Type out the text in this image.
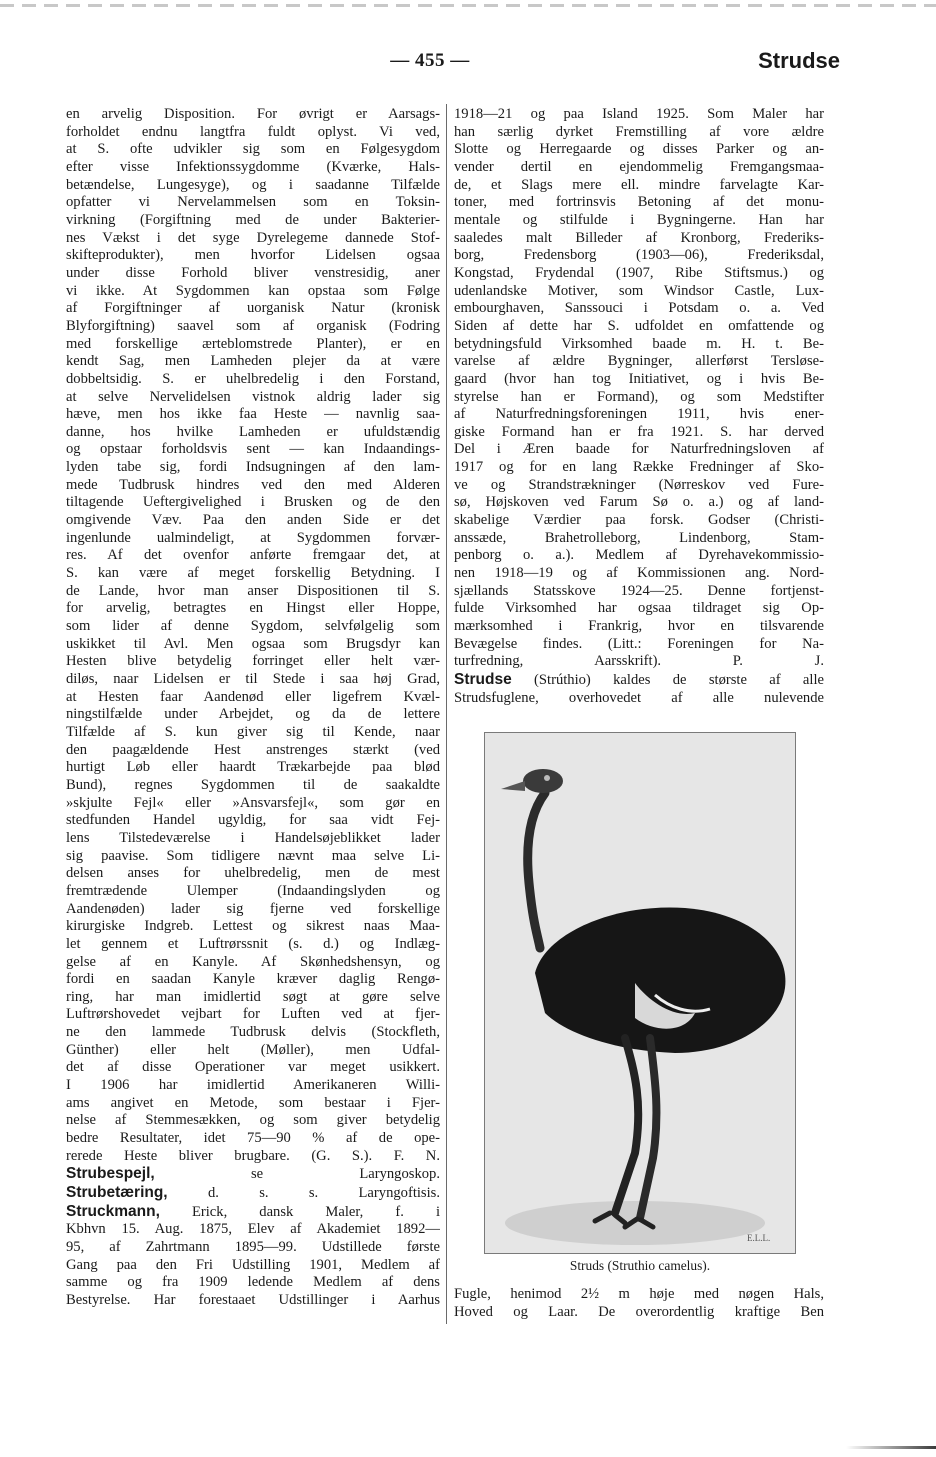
— 455 —	Strudse
en arvelig Disposition. For øvrigt er Aarsags-
forholdet endnu langtfra fuldt oplyst. Vi ved,
at S. ofte udvikler sig som en Følgesygdom
efter visse Infektionssygdomme (Kværke, Hals-
betændelse, Lungesyge), og i saadanne Tilfælde
opfatter vi Nervelammelsen som en Toksin-
virkning (Forgiftning med de under Bakterier-
nes Vækst i det syge Dyrelegeme dannede Stof-
skifteprodukter), men hvorfor Lidelsen ogsaa
under disse Forhold bliver venstresidig, aner
vi ikke. At Sygdommen kan opstaa som Følge
af Forgiftninger af uorganisk Natur (kronisk
Blyforgiftning) saavel som af organisk (Fodring
med forskellige ærteblomstrede Planter), er en
kendt Sag, men Lamheden plejer da at være
dobbeltsidig. S. er uhelbredelig i den Forstand,
at selve Nervelidelsen vistnok aldrig lader sig
hæve, men hos ikke faa Heste — navnlig saa-
danne, hos hvilke Lamheden er ufuldstændig
og opstaar forholdsvis sent — kan Indaandings-
lyden tabe sig, fordi Indsugningen af den lam-
mede Tudbrusk hindres ved den med Alderen
tiltagende Ueftergivelighed i Brusken og de den
omgivende Væv. Paa den anden Side er det
ingenlunde ualmindeligt, at Sygdommen forvær-
res. Af det ovenfor anførte fremgaar det, at
S. kan være af meget forskellig Betydning. I
de Lande, hvor man anser Dispositionen til S.
for arvelig, betragtes en Hingst eller Hoppe,
som lider af denne Sygdom, selvfølgelig som
uskikket til Avl. Men ogsaa som Brugsdyr kan
Hesten blive betydelig forringet eller helt vær-
diløs, naar Lidelsen er til Stede i saa høj Grad,
at Hesten faar Aandenød eller ligefrem Kvæl-
ningstilfælde under Arbejdet, og da de lettere
Tilfælde af S. kun giver sig til Kende, naar
den paagældende Hest anstrenges stærkt (ved
hurtigt Løb eller haardt Trækarbejde paa blød
Bund), regnes Sygdommen til de saakaldte
»skjulte Fejl« eller »Ansvarsfejl«, som gør en
stedfunden Handel ugyldig, for saa vidt Fej-
lens Tilstedeværelse i Handelsøjeblikket lader
sig paavise. Som tidligere nævnt maa selve Li-
delsen anses for uhelbredelig, men de mest
fremtrædende Ulemper (Indaandingslyden og
Aandenøden) lader sig fjerne ved forskellige
kirurgiske Indgreb. Lettest og sikrest naas Maa-
let gennem et Luftrørssnit (s. d.) og Indlæg-
gelse af en Kanyle. Af Skønhedshensyn, og
fordi en saadan Kanyle kræver daglig Rengø-
ring, har man imidlertid søgt at gøre selve
Luftrørshovedet vejbart for Luften ved at fjer-
ne den lammede Tudbrusk delvis (Stockfleth,
Günther) eller helt (Møller), men Udfal-
det af disse Operationer var meget usikkert.
I 1906 har imidlertid Amerikaneren Willi-
ams angivet en Metode, som bestaar i Fjer-
nelse af Stemmesækken, og som giver betydelig
bedre Resultater, idet 75—90 % af de ope-
rerede Heste bliver brugbare. (G. S.). F. N.
Strubespejl,	se Laryngoskop.
Strubetæring,	d. s. s. Laryngoftisis.
Struckmann, Erick, dansk Maler, f. i
Kbhvn 15. Aug. 1875, Elev af Akademiet 1892—
95, af Zahrtmann 1895—99. Udstillede første
Gang paa den Fri Udstilling 1901, Medlem af
samme og fra 1909 ledende Medlem af dens
Bestyrelse. Har forestaaet Udstillinger i Aarhus
1918—21 og paa Island 1925. Som Maler har
han særlig dyrket Fremstilling af vore ældre
Slotte og Herregaarde og disses Parker og an-
vender dertil en ejendommelig Fremgangsmaa-
de, et Slags mere ell. mindre farvelagte Kar-
toner, med fortrinsvis Betoning af det monu-
mentale og stilfulde i Bygningerne. Han har
saaledes malt Billeder af Kronborg, Frederiks-
borg, Fredensborg (1903—06), Frederiksdal,
Kongstad, Frydendal (1907, Ribe Stiftsmus.) og
udenlandske Motiver, som Windsor Castle, Lux-
embourghaven, Sanssouci i Potsdam o. a. Ved
Siden af dette har S. udfoldet en omfattende og
betydningsfuld Virksomhed baade m. H. t. Be-
varelse af ældre Bygninger, allerførst Tersløse-
gaard (hvor han tog Initiativet, og i hvis Be-
styrelse han er Formand), og som Medstifter
af Naturfredningsforeningen 1911, hvis ener-
giske Formand han er fra 1921. S. har derved
Del i Æren baade for Naturfredningsloven af
1917 og for en lang Række Fredninger af Sko-
ve og Strandstrækninger (Nørreskov ved Fure-
sø, Højskoven ved Farum Sø o. a.) og af land-
skabelige Værdier paa forsk. Godser (Christi-
anssæde, Brahetrolleborg, Lindenborg, Stam-
penborg o. a.). Medlem af Dyrehavekommissio-
nen 1918—19 og af Kommissionen ang. Nord-
sjællands Statsskove 1924—25. Denne fortjenst-
fulde Virksomhed har ogsaa tildraget sig Op-
mærksomhed i Frankrig, hvor en tilsvarende
Bevægelse findes. (Litt.: Foreningen for Na-
turfredning, Aarsskrift). P. J.
Strudse (Strúthio) kaldes de største af alle
Strudsfuglene, overhovedet af alle nulevende
E.L.L.
Struds (Struthio camelus).
Fugle, henimod 2½ m høje med nøgen Hals,
Hoved og Laar. De overordentlig kraftige Ben
